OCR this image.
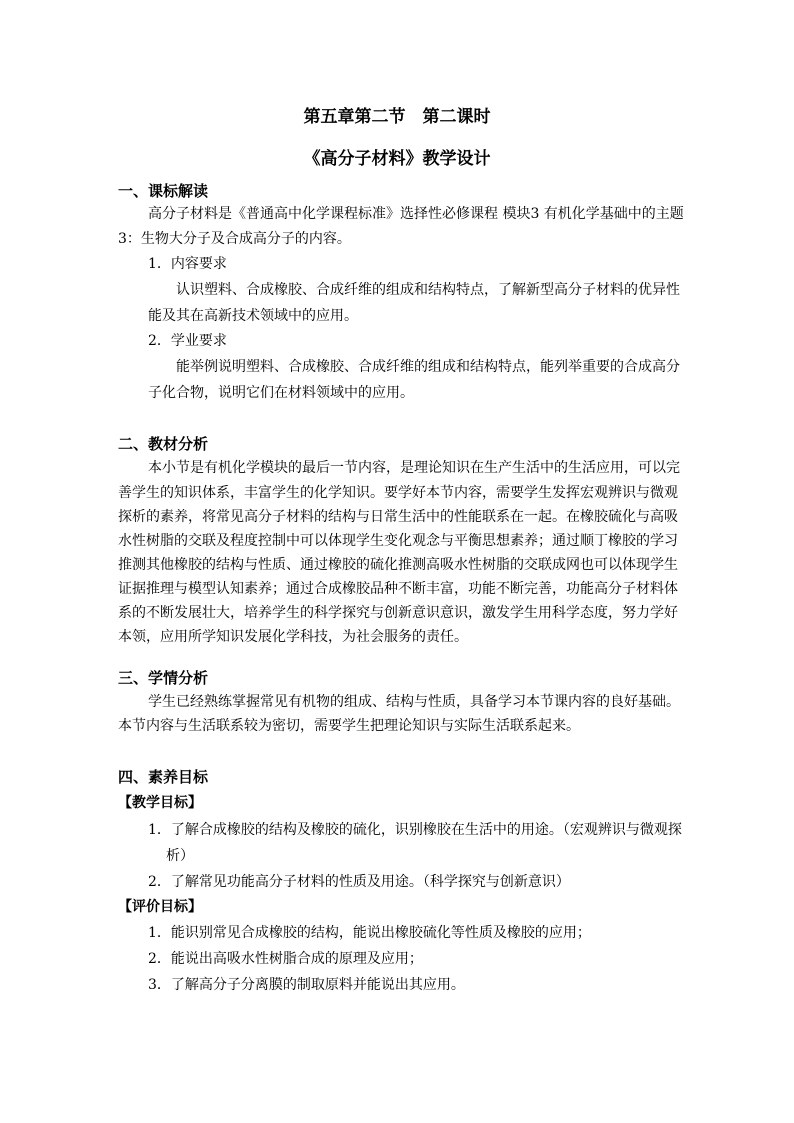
第五章第二节　第二课时
《高分子材料》教学设计
一、课标解读
高分子材料是《普通高中化学课程标准》选择性必修课程 模块3 有机化学基础中的主题
3：生物大分子及合成高分子的内容。
1．内容要求
认识塑料、合成橡胶、合成纤维的组成和结构特点，了解新型高分子材料的优异性
能及其在高新技术领域中的应用。
2．学业要求
能举例说明塑料、合成橡胶、合成纤维的组成和结构特点，能列举重要的合成高分
子化合物，说明它们在材料领域中的应用。
二、教材分析
本小节是有机化学模块的最后一节内容，是理论知识在生产生活中的生活应用，可以完
善学生的知识体系，丰富学生的化学知识。要学好本节内容，需要学生发挥宏观辨识与微观
探析的素养，将常见高分子材料的结构与日常生活中的性能联系在一起。在橡胶硫化与高吸
水性树脂的交联及程度控制中可以体现学生变化观念与平衡思想素养；通过顺丁橡胶的学习
推测其他橡胶的结构与性质、通过橡胶的硫化推测高吸水性树脂的交联成网也可以体现学生
证据推理与模型认知素养；通过合成橡胶品种不断丰富，功能不断完善，功能高分子材料体
系的不断发展壮大，培养学生的科学探究与创新意识意识，激发学生用科学态度，努力学好
本领，应用所学知识发展化学科技，为社会服务的责任。
三、学情分析
学生已经熟练掌握常见有机物的组成、结构与性质，具备学习本节课内容的良好基础。
本节内容与生活联系较为密切，需要学生把理论知识与实际生活联系起来。
四、素养目标
【教学目标】
1．了解合成橡胶的结构及橡胶的硫化，识别橡胶在生活中的用途。（宏观辨识与微观探
析）
2．了解常见功能高分子材料的性质及用途。（科学探究与创新意识）
【评价目标】
1．能识别常见合成橡胶的结构，能说出橡胶硫化等性质及橡胶的应用；
2．能说出高吸水性树脂合成的原理及应用；
3．了解高分子分离膜的制取原料并能说出其应用。
